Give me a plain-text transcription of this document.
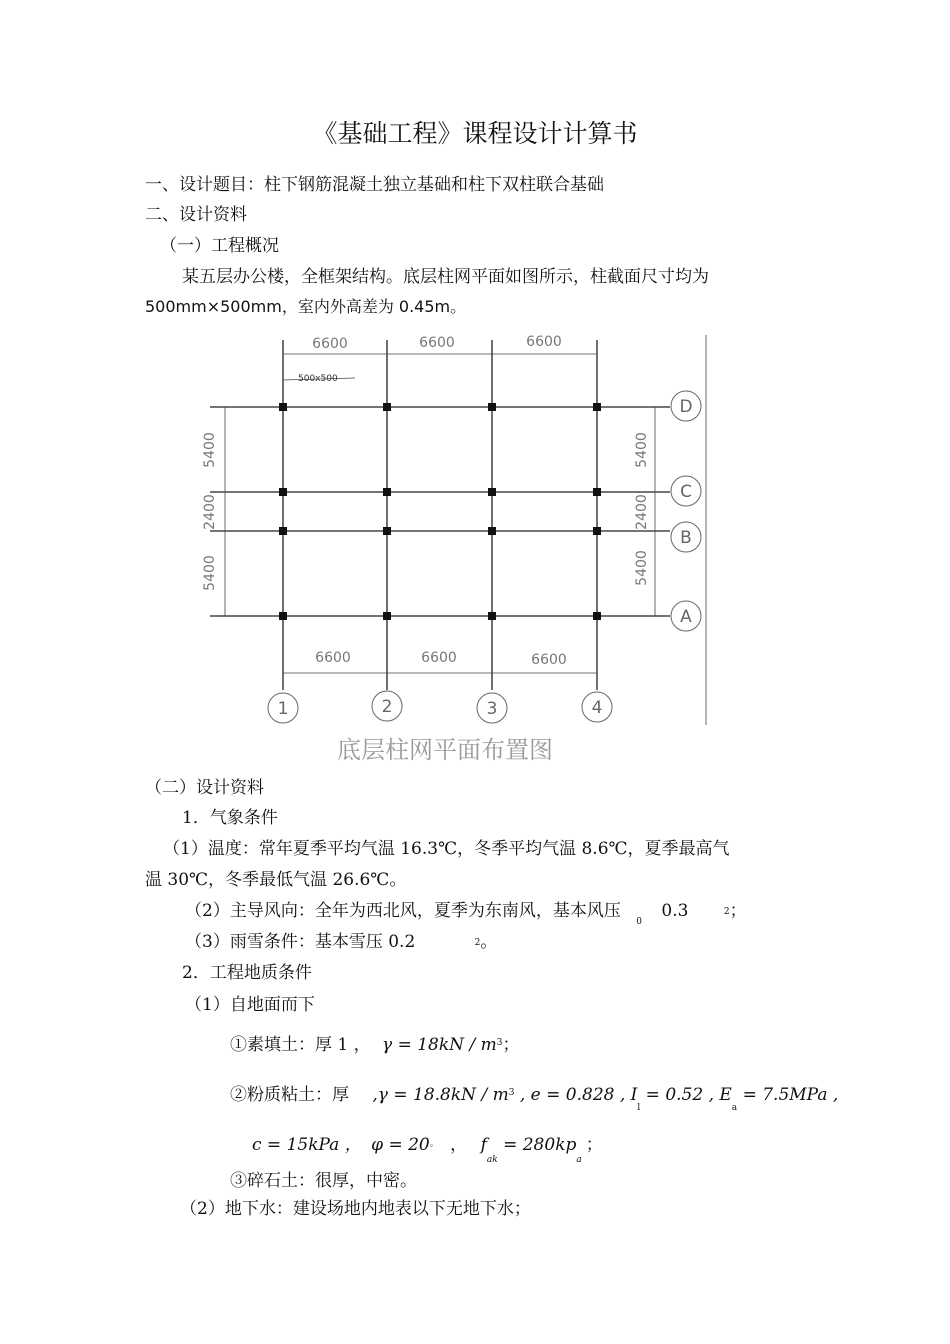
《基础工程》课程设计计算书
一、设计题目：柱下钢筋混凝土独立基础和柱下双柱联合基础
二、设计资料
（一）工程概况
某五层办公楼，全框架结构。底层柱网平面如图所示，柱截面尺寸均为
500mm×500mm，室内外高差为 0.45m。
500x500
6600	6600	6600
6600	6600	6600
5400
2400
5400
5400
2400
5400
D
C
B
A
1	2	3	4
底层柱网平面布置图
（二）设计资料
1．气象条件
（1）温度：常年夏季平均气温 16.3℃，冬季平均气温 8.6℃，夏季最高气
温 30℃，冬季最低气温 26.6℃。
（2）主导风向：全年为西北风，夏季为东南风，基本风压 $_0$ 0.3	2；
（3）雨雪条件：基本雪压 0.2	2。
2．工程地质条件
（1）自地面而下
①素填土：厚 1 ， $\gamma = 18kN / m^3$；
②粉质粘土：厚 $,\gamma = 18.8kN / m^3$ , e = 0.828 , $I_l = 0.52$ , $E_a = 7.5MPa$ ,
c = 15kPa ， φ = 20。 ， $f_{ak} = 280kp_a$；
③碎石土：很厚，中密。
（2）地下水：建设场地内地表以下无地下水；
